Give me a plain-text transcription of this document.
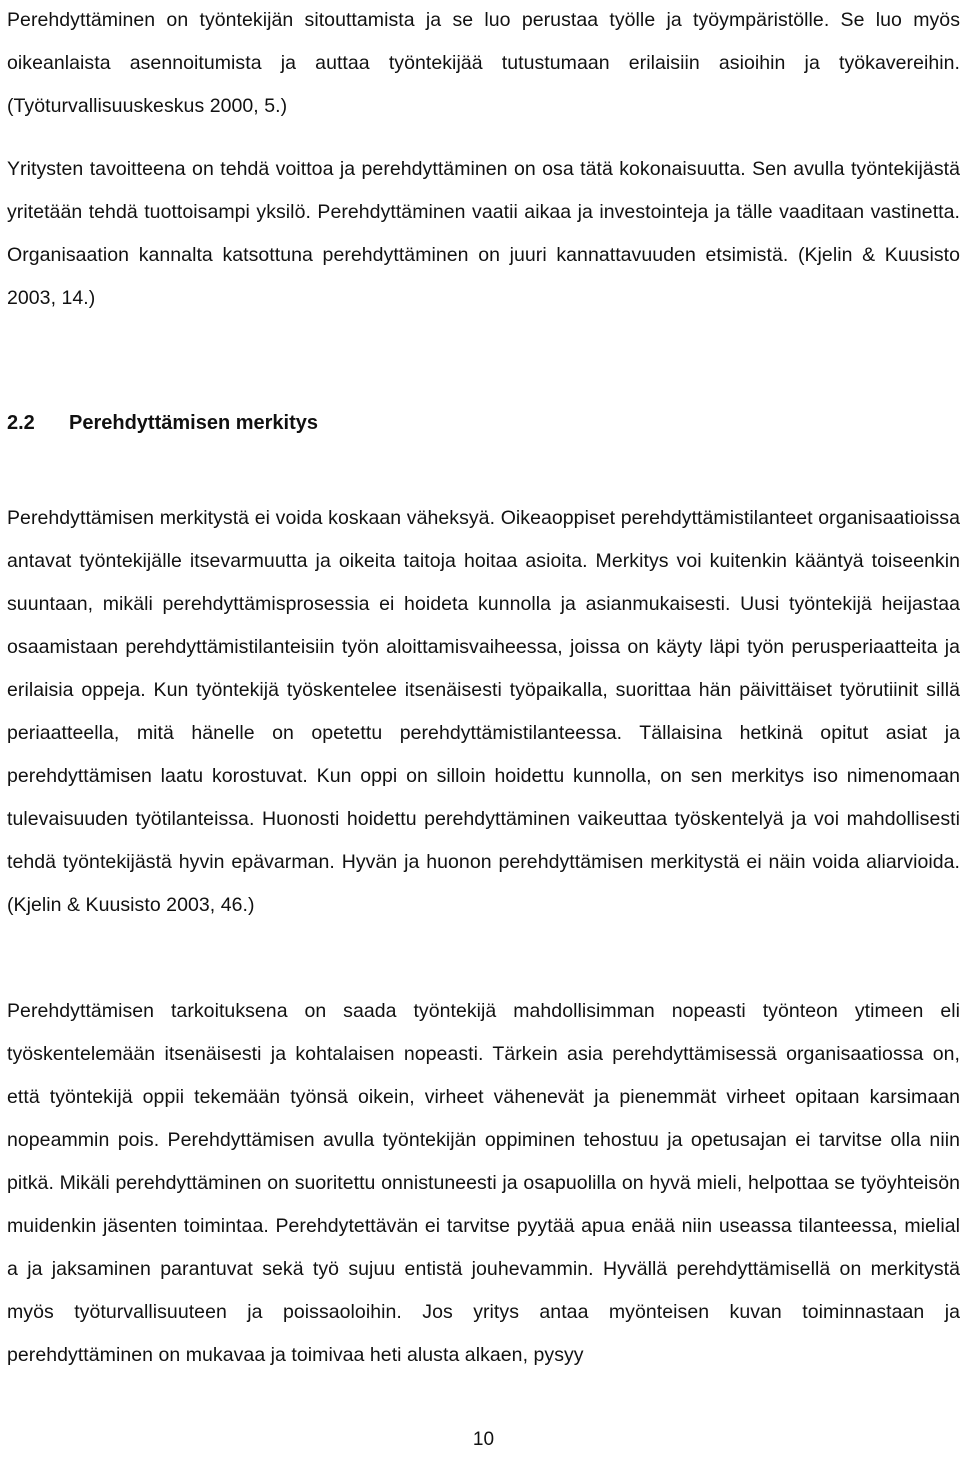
Perehdyttäminen on työntekijän sitouttamista ja se luo perustaa työlle ja työympäristölle. Se luo myös oikeanlaista asennoitumista ja auttaa työntekijää tutustumaan erilaisiin asioihin ja työkavereihin. (Työturvallisuuskeskus 2000, 5.)

Yritysten tavoitteena on tehdä voittoa ja perehdyttäminen on osa tätä kokonaisuutta. Sen avulla työntekijästä yritetään tehdä tuottoisampi yksilö. Perehdyttäminen vaatii aikaa ja investointeja ja tälle vaaditaan vastinetta. Organisaation kannalta katsottuna perehdyttäminen on juuri kannattavuuden etsimistä. (Kjelin & Kuusisto 2003, 14.)

2.2	Perehdyttämisen merkitys

Perehdyttämisen merkitystä ei voida koskaan väheksyä. Oikeaoppiset perehdyttämistilanteet organisaatioissa antavat työntekijälle itsevarmuutta ja oikeita taitoja hoitaa asioita. Merkitys voi kuitenkin kääntyä toiseenkin suuntaan, mikäli perehdyttämisprosessia ei hoideta kunnolla ja asianmukaisesti. Uusi työntekijä heijastaa osaamistaan perehdyttämistilanteisiin työn aloittamisvaiheessa, joissa on käyty läpi työn perusperiaatteita ja erilaisia oppeja. Kun työntekijä työskentelee itsenäisesti työpaikalla, suorittaa hän päivittäiset työrutiinit sillä periaatteella, mitä hänelle on opetettu perehdyttämistilanteessa. Tällaisina hetkinä opitut asiat ja perehdyttämisen laatu korostuvat. Kun oppi on silloin hoidettu kunnolla, on sen merkitys iso nimenomaan tulevaisuuden työtilanteissa. Huonosti hoidettu perehdyttäminen vaikeuttaa työskentelyä ja voi mahdollisesti tehdä työntekijästä hyvin epävarman. Hyvän ja huonon perehdyttämisen merkitystä ei näin voida aliarvioida. (Kjelin & Kuusisto 2003, 46.)

Perehdyttämisen tarkoituksena on saada työntekijä mahdollisimman nopeasti työnteon ytimeen eli työskentelemään itsenäisesti ja kohtalaisen nopeasti. Tärkein asia perehdyttämisessä organisaatiossa on, että työntekijä oppii tekemään työnsä oikein, virheet vähenevät ja pienemmät virheet opitaan karsimaan nopeammin pois. Perehdyttämisen avulla työntekijän oppiminen tehostuu ja opetusajan ei tarvitse olla niin pitkä. Mikäli perehdyttäminen on suoritettu onnistuneesti ja osapuolilla on hyvä mieli, helpottaa se työyhteisön muidenkin jäsenten toimintaa. Perehdytettävän ei tarvitse pyytää apua enää niin useassa tilanteessa, mielial a ja jaksaminen parantuvat sekä työ sujuu entistä jouhevammin. Hyvällä perehdyttämisellä on merkitystä myös työturvallisuuteen ja poissaoloihin. Jos yritys antaa myönteisen kuvan toiminnastaan ja perehdyttäminen on mukavaa ja toimivaa heti alusta alkaen, pysyy

10
